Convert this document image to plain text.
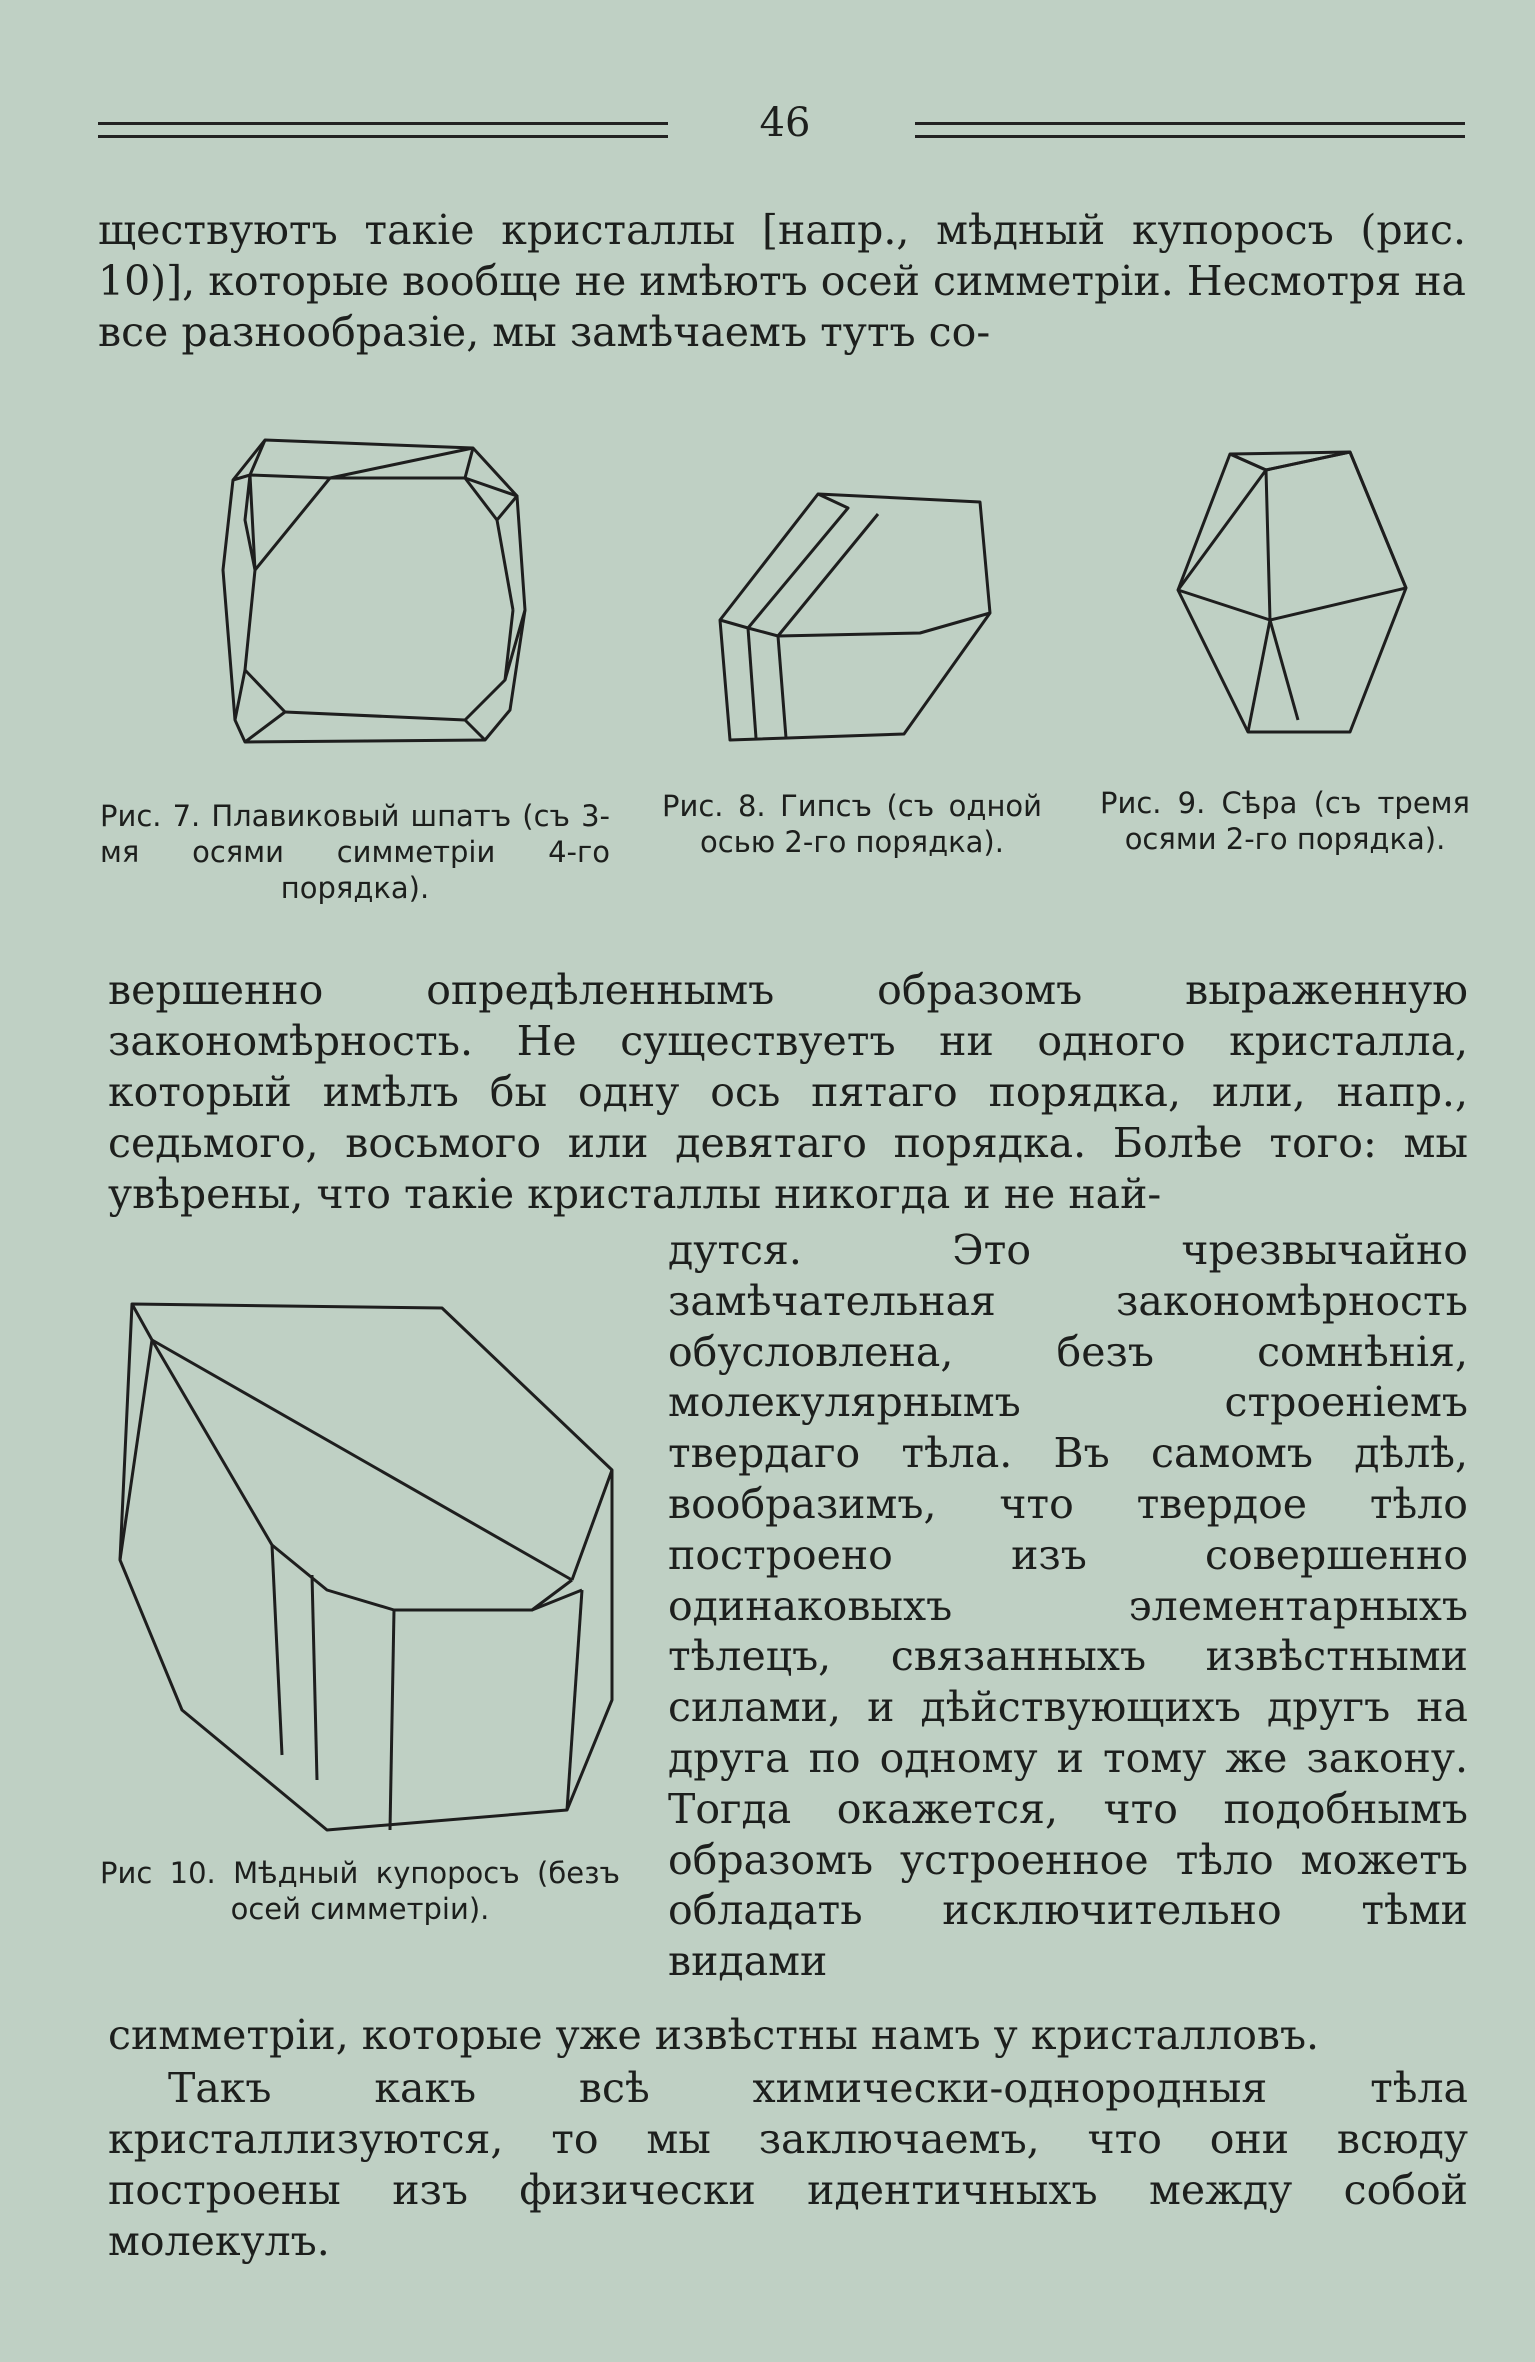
46

ществуютъ такіе кристаллы [напр., мѣдный купоросъ (рис. 10)], которые вообще не имѣютъ осей симметріи. Несмотря на все разнообразіе, мы замѣчаемъ тутъ со-

Рис. 7. Плавиковый шпатъ (съ 3-мя осями симметріи 4-го порядка).

Рис. 8. Гипсъ (съ одной осью 2-го порядка).

Рис. 9. Сѣра (съ тремя осями 2-го порядка).

вершенно опредѣленнымъ образомъ выраженную закономѣрность. Не существуетъ ни одного кристалла, который имѣлъ бы одну ось пятаго порядка, или, напр., седьмого, восьмого или девятаго порядка. Болѣе того: мы увѣрены, что такіе кристаллы никогда и не най-

Рис 10. Мѣдный купоросъ (безъ осей симметріи).

дутся. Это чрезвычайно замѣчательная закономѣрность обусловлена, безъ сомнѣнія, молекулярнымъ строеніемъ твердаго тѣла. Въ самомъ дѣлѣ, вообразимъ, что твердое тѣло построено изъ совершенно одинаковыхъ элементарныхъ тѣлецъ, связанныхъ извѣстными силами, и дѣйствующихъ другъ на друга по одному и тому же закону. Тогда окажется, что подобнымъ образомъ устроенное тѣло можетъ обладать исключительно тѣми видами

симметріи, которые уже извѣстны намъ у кристалловъ.

Такъ какъ всѣ химически-однородныя тѣла кристаллизуются, то мы заключаемъ, что они всюду построены изъ физически идентичныхъ между собой молекулъ.
